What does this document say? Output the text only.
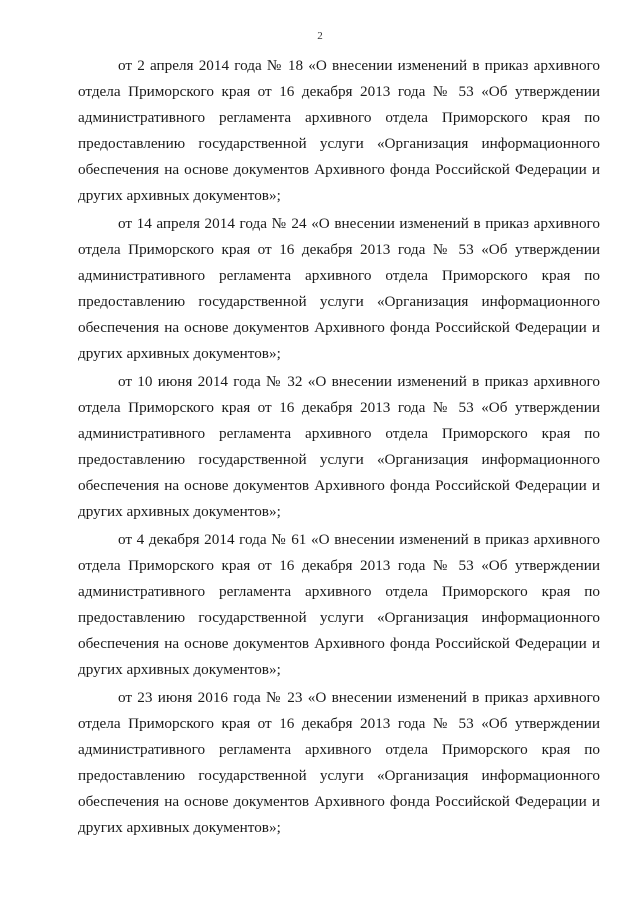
2

от 2 апреля 2014 года № 18 «О внесении изменений в приказ архивного отдела Приморского края от 16 декабря 2013 года № 53 «Об утверждении административного регламента архивного отдела Приморского края по предоставлению государственной услуги «Организация информационного обеспечения на основе документов Архивного фонда Российской Федерации и других архивных документов»;

от 14 апреля 2014 года № 24 «О внесении изменений в приказ архивного отдела Приморского края от 16 декабря 2013 года № 53 «Об утверждении административного регламента архивного отдела Приморского края по предоставлению государственной услуги «Организация информационного обеспечения на основе документов Архивного фонда Российской Федерации и других архивных документов»;

от 10 июня 2014 года № 32 «О внесении изменений в приказ архивного отдела Приморского края от 16 декабря 2013 года № 53 «Об утверждении административного регламента архивного отдела Приморского края по предоставлению государственной услуги «Организация информационного обеспечения на основе документов Архивного фонда Российской Федерации и других архивных документов»;

от 4 декабря 2014 года № 61 «О внесении изменений в приказ архивного отдела Приморского края от 16 декабря 2013 года № 53 «Об утверждении административного регламента архивного отдела Приморского края по предоставлению государственной услуги «Организация информационного обеспечения на основе документов Архивного фонда Российской Федерации и других архивных документов»;

от 23 июня 2016 года № 23 «О внесении изменений в приказ архивного отдела Приморского края от 16 декабря 2013 года № 53 «Об утверждении административного регламента архивного отдела Приморского края по предоставлению государственной услуги «Организация информационного обеспечения на основе документов Архивного фонда Российской Федерации и других архивных документов»;
